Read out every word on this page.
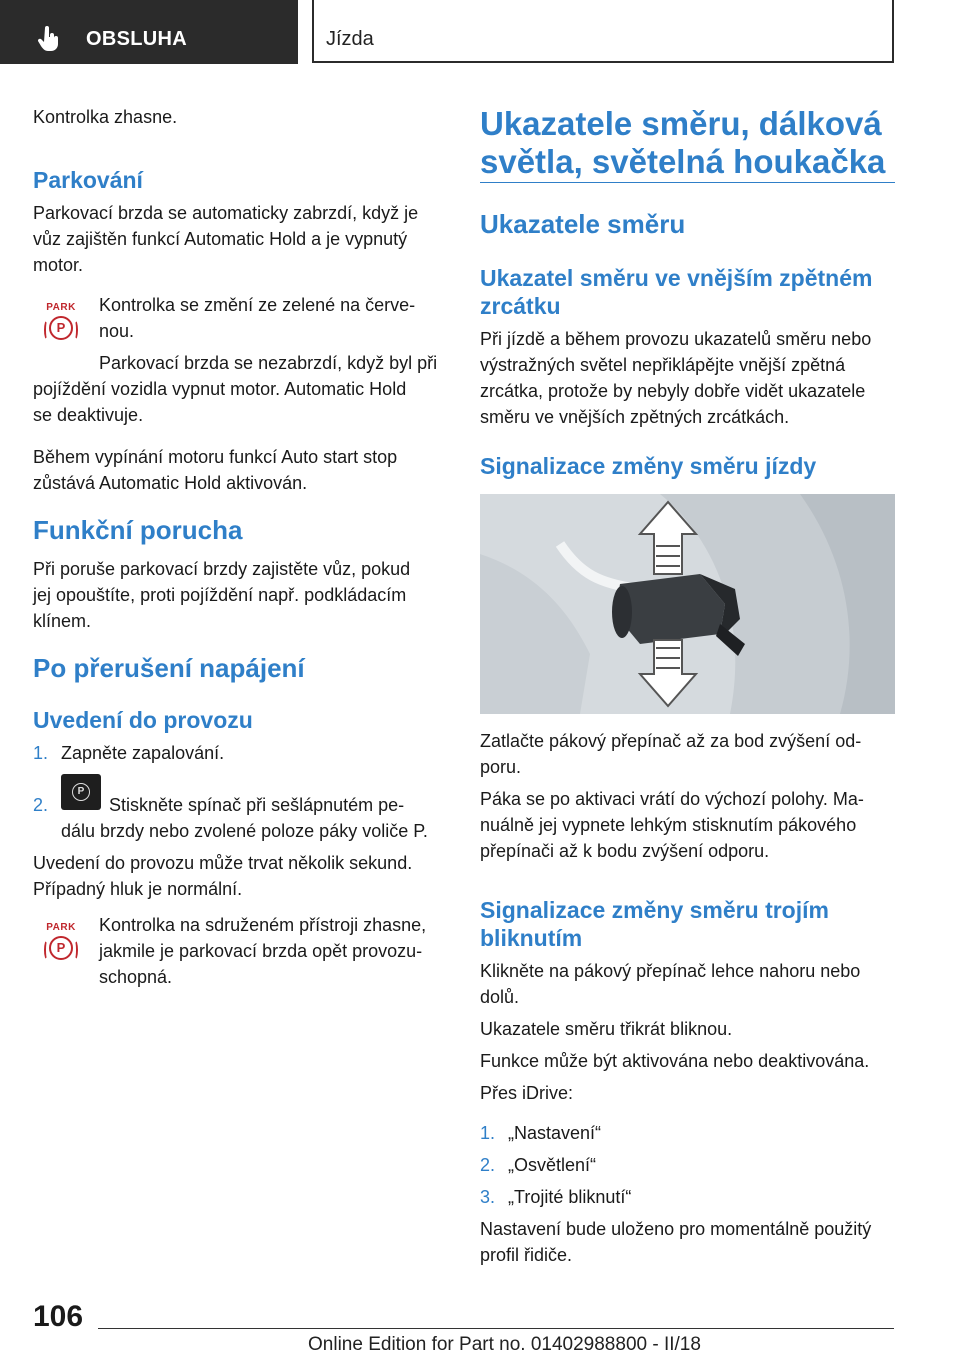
OBSLUHA	Jízda

Kontrolka zhasne.

Parkování

Parkovací brzda se automaticky zabrzdí, když je

vůz zajištěn funkcí Automatic Hold a je vypnutý

motor.

PARK
P

Kontrolka se změní ze zelené na červe-

nou.

Parkovací brzda se nezabrzdí, když byl při

pojíždění vozidla vypnut motor. Automatic Hold

se deaktivuje.

Během vypínání motoru funkcí Auto start stop

zůstává Automatic Hold aktivován.

Funkční porucha

Při poruše parkovací brzdy zajistěte vůz, pokud

jej opouštíte, proti pojíždění např. podkládacím

klínem.

Po přerušení napájení
Uvedení do provozu
1. Zapněte zapalování.

2.
P

Stiskněte spínač při sešlápnutém pe-

dálu brzdy nebo zvolené poloze páky voliče P.

Uvedení do provozu může trvat několik sekund.

Případný hluk je normální.

PARK
P

Kontrolka na sdruženém přístroji zhasne,

jakmile je parkovací brzda opět provozu-

schopná.

Ukazatele směru, dálková
světla, světelná houkačka
Ukazatele směru
Ukazatel směru ve vnějším zpětném
zrcátku

Při jízdě a během provozu ukazatelů směru nebo

výstražných světel nepřiklápějte vnější zpětná

zrcátka, protože by nebyly dobře vidět ukazatele

směru ve vnějších zpětných zrcátkách.

Signalizace změny směru jízdy

Zatlačte pákový přepínač až za bod zvýšení od-

poru.

Páka se po aktivaci vrátí do výchozí polohy. Ma-

nuálně jej vypnete lehkým stisknutím pákového

přepínači až k bodu zvýšení odporu.

Signalizace změny směru trojím
bliknutím

Klikněte na pákový přepínač lehce nahoru nebo

dolů.

Ukazatele směru třikrát bliknou.

Funkce může být aktivována nebo deaktivována.

Přes iDrive:

1. „Nastavení“

2. „Osvětlení“

3. „Trojité bliknutí“

Nastavení bude uloženo pro momentálně použitý

profil řidiče.

106
Online Edition for Part no. 01402988800 - II/18
